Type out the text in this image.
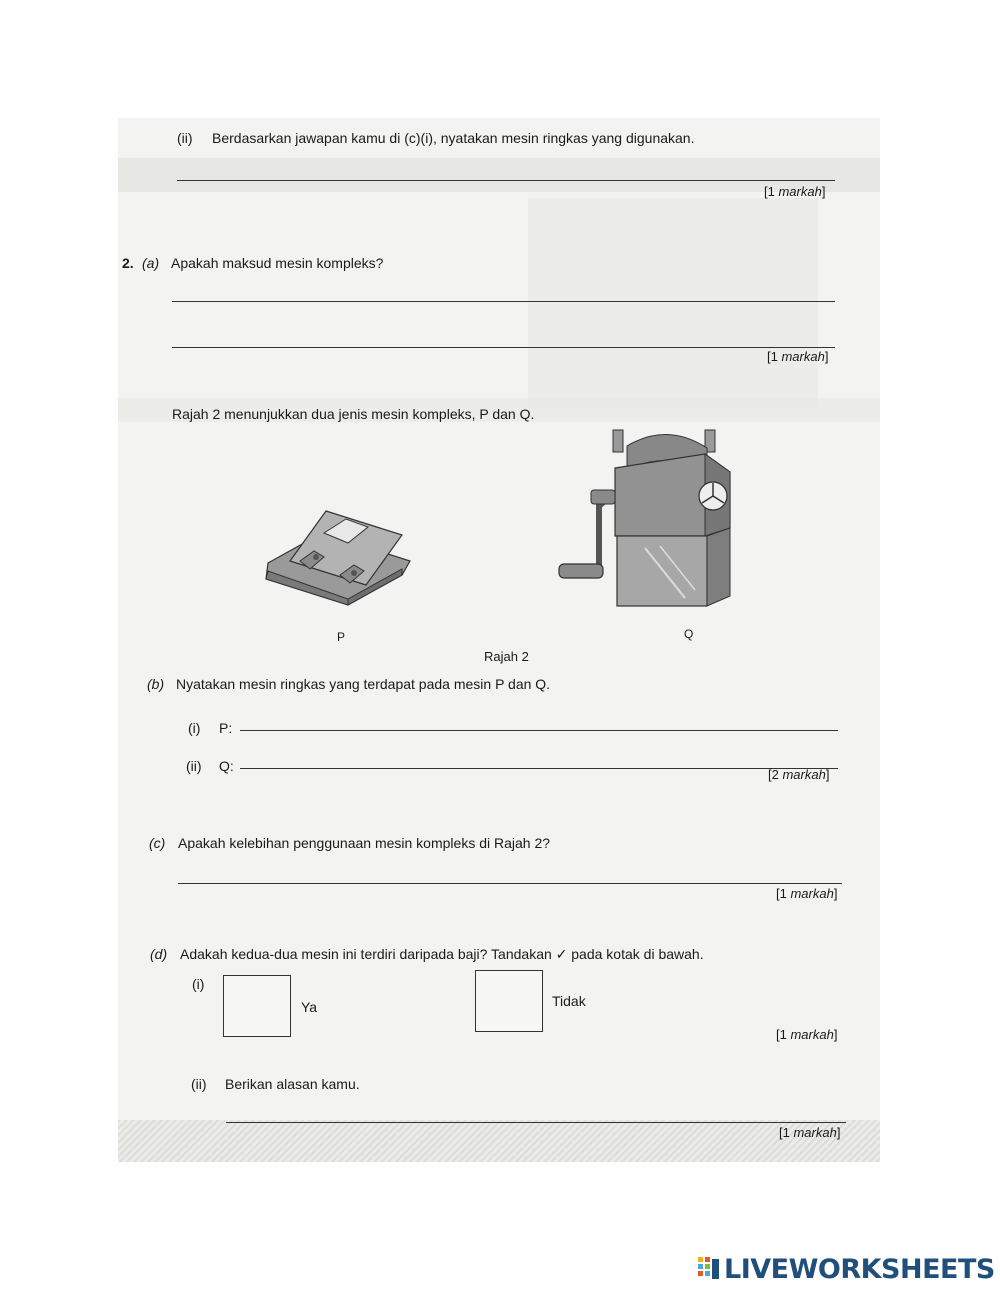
(ii) Berdasarkan jawapan kamu di (c)(i), nyatakan mesin ringkas yang digunakan.
[1 markah]
2. (a) Apakah maksud mesin kompleks?
[1 markah]
Rajah 2 menunjukkan dua jenis mesin kompleks, P dan Q.
P	Q
Rajah 2
(b) Nyatakan mesin ringkas yang terdapat pada mesin P dan Q.
(i) P:
(ii) Q:
[2 markah]
(c) Apakah kelebihan penggunaan mesin kompleks di Rajah 2?
[1 markah]
(d) Adakah kedua-dua mesin ini terdiri daripada baji? Tandakan ✓ pada kotak di bawah.
(i)
Ya	Tidak
[1 markah]
(ii) Berikan alasan kamu.
[1 markah]
LIVEWORKSHEETS
